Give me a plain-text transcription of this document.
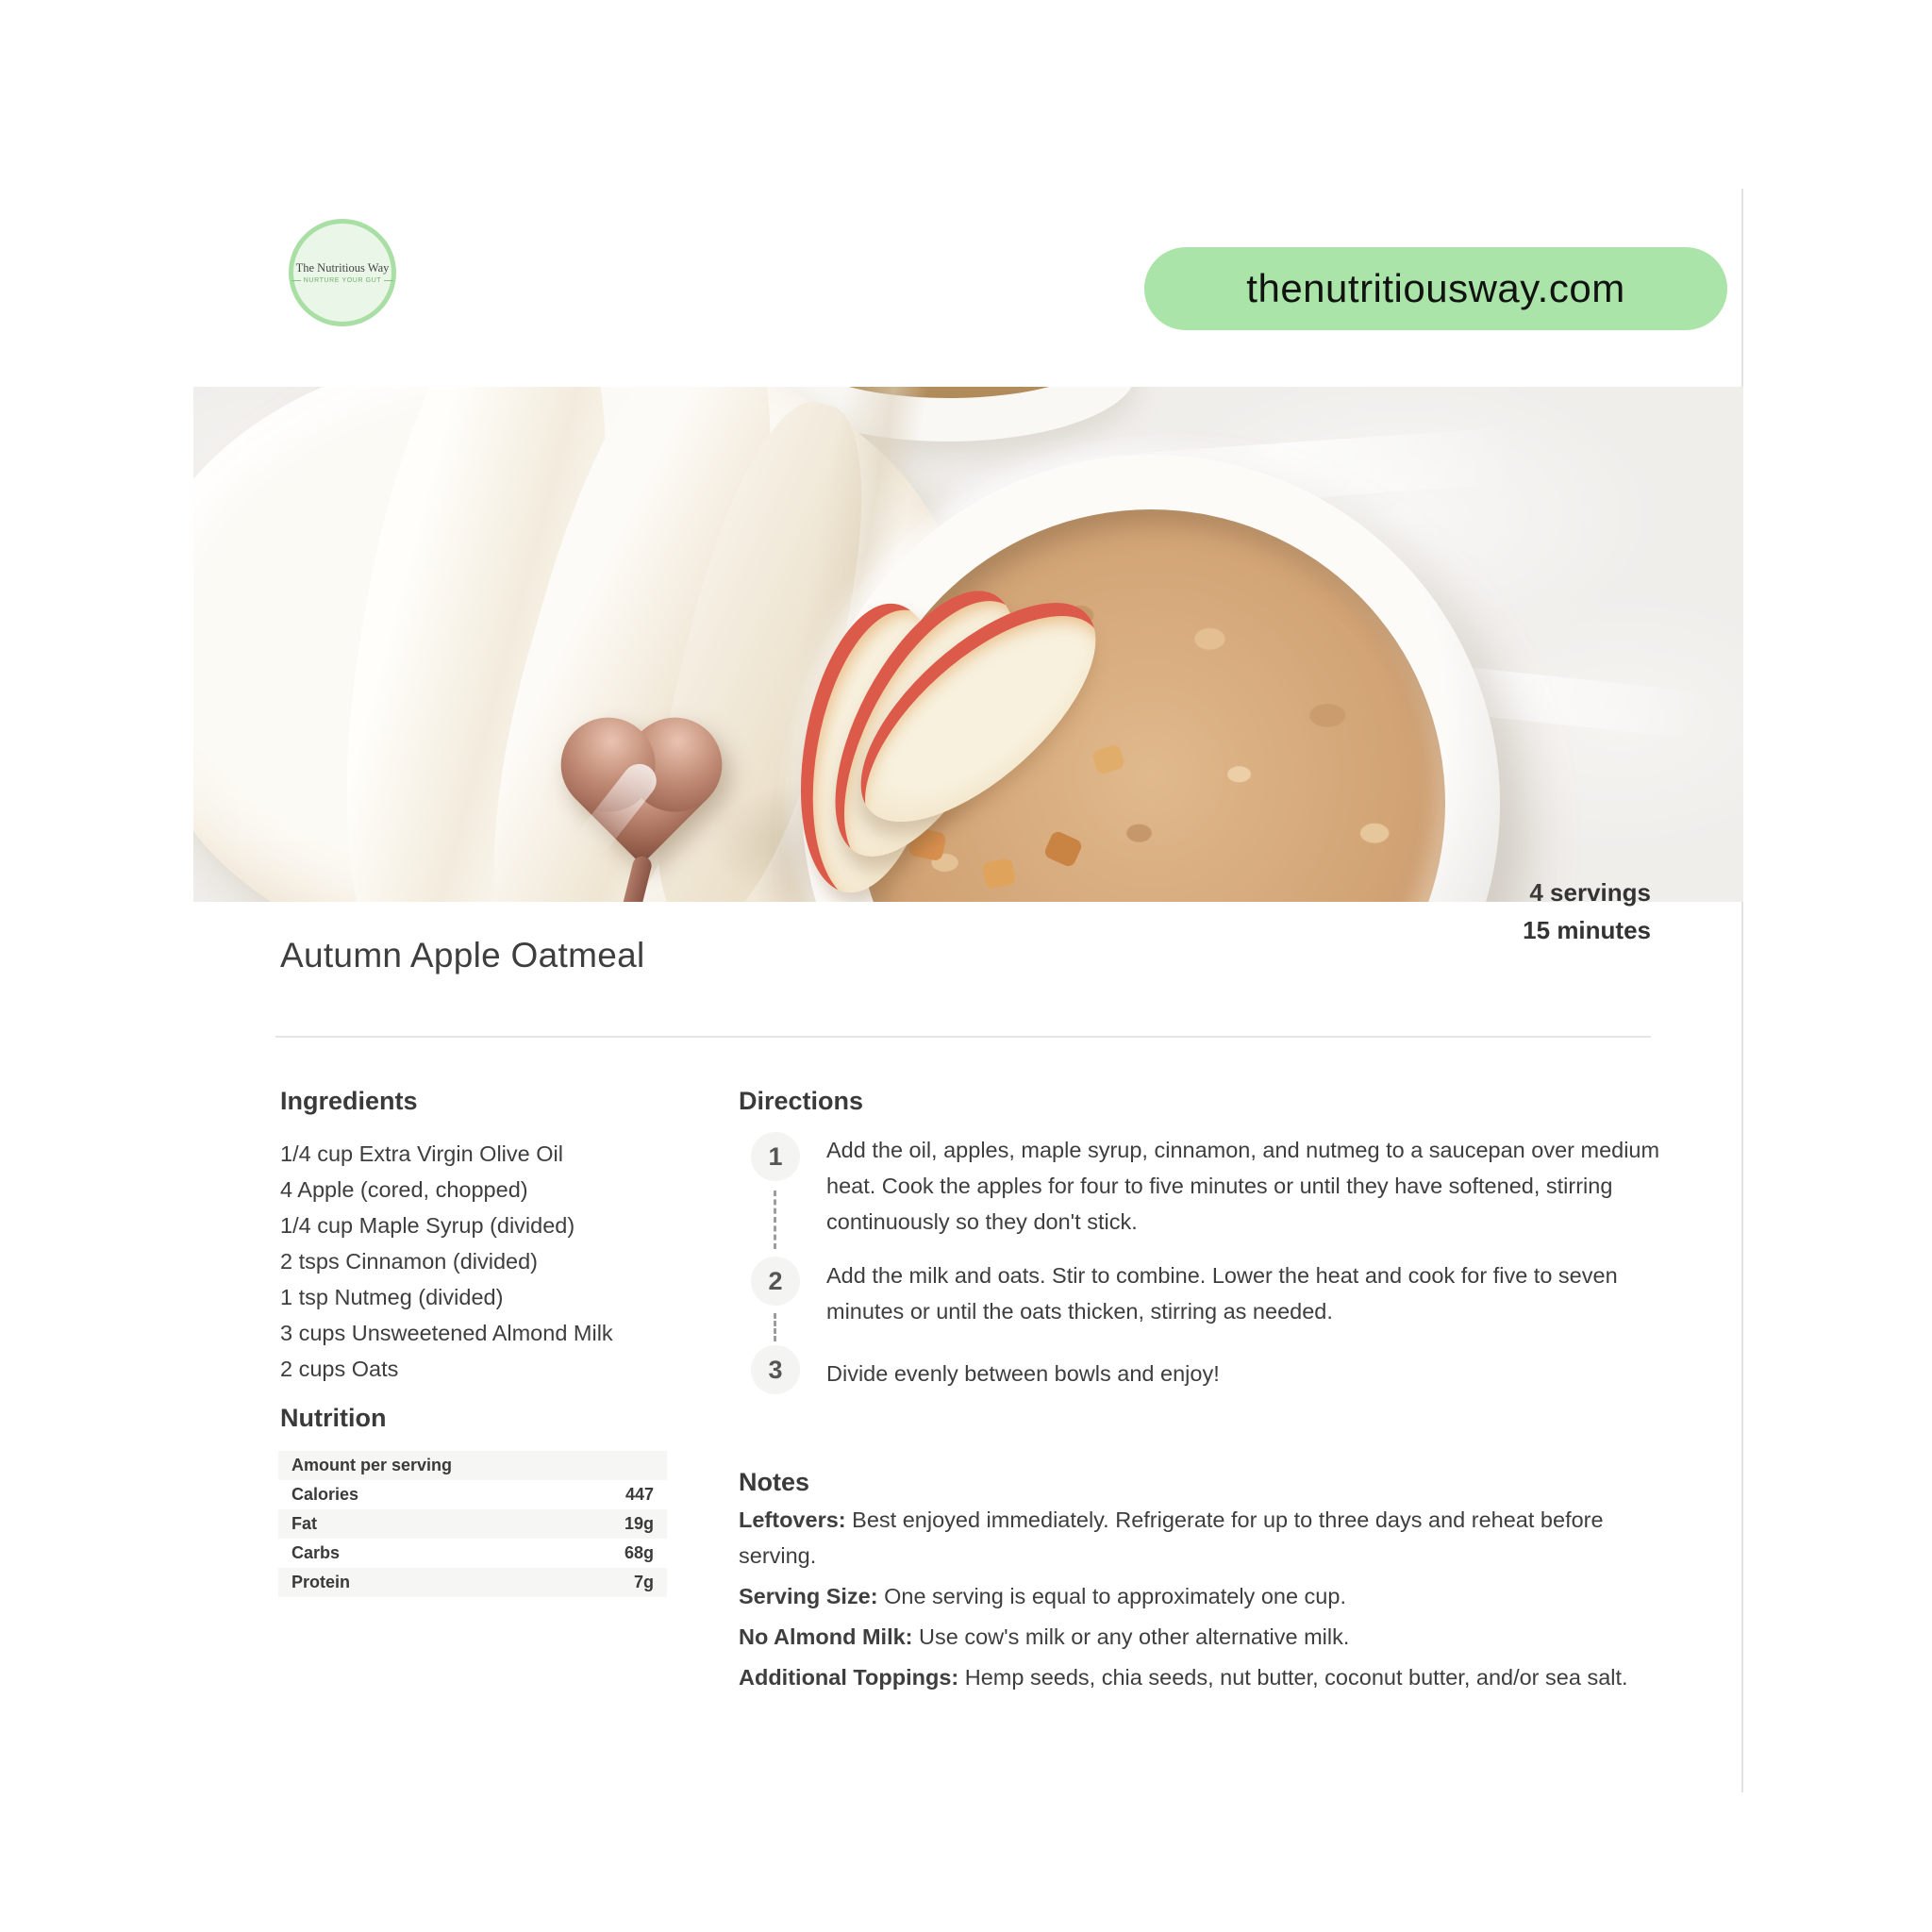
The Nutritious Way
NURTURE YOUR GUT	thenutritiousway.com
Autumn Apple Oatmeal
4 servings
15 minutes
Ingredients
1/4 cup Extra Virgin Olive Oil
4 Apple (cored, chopped)
1/4 cup Maple Syrup (divided)
2 tsps Cinnamon (divided)
1 tsp Nutmeg (divided)
3 cups Unsweetened Almond Milk
2 cups Oats
Nutrition
Amount per serving
Calories	447
Fat	19g
Carbs	68g
Protein	7g
Directions
1 Add the oil, apples, maple syrup, cinnamon, and nutmeg to a saucepan over medium heat. Cook the apples for four to five minutes or until they have softened, stirring continuously so they don't stick.
2 Add the milk and oats. Stir to combine. Lower the heat and cook for five to seven minutes or until the oats thicken, stirring as needed.
3 Divide evenly between bowls and enjoy!
Notes

Leftovers: Best enjoyed immediately. Refrigerate for up to three days and reheat before serving.

Serving Size: One serving is equal to approximately one cup.

No Almond Milk: Use cow's milk or any other alternative milk.

Additional Toppings: Hemp seeds, chia seeds, nut butter, coconut butter, and/or sea salt.
